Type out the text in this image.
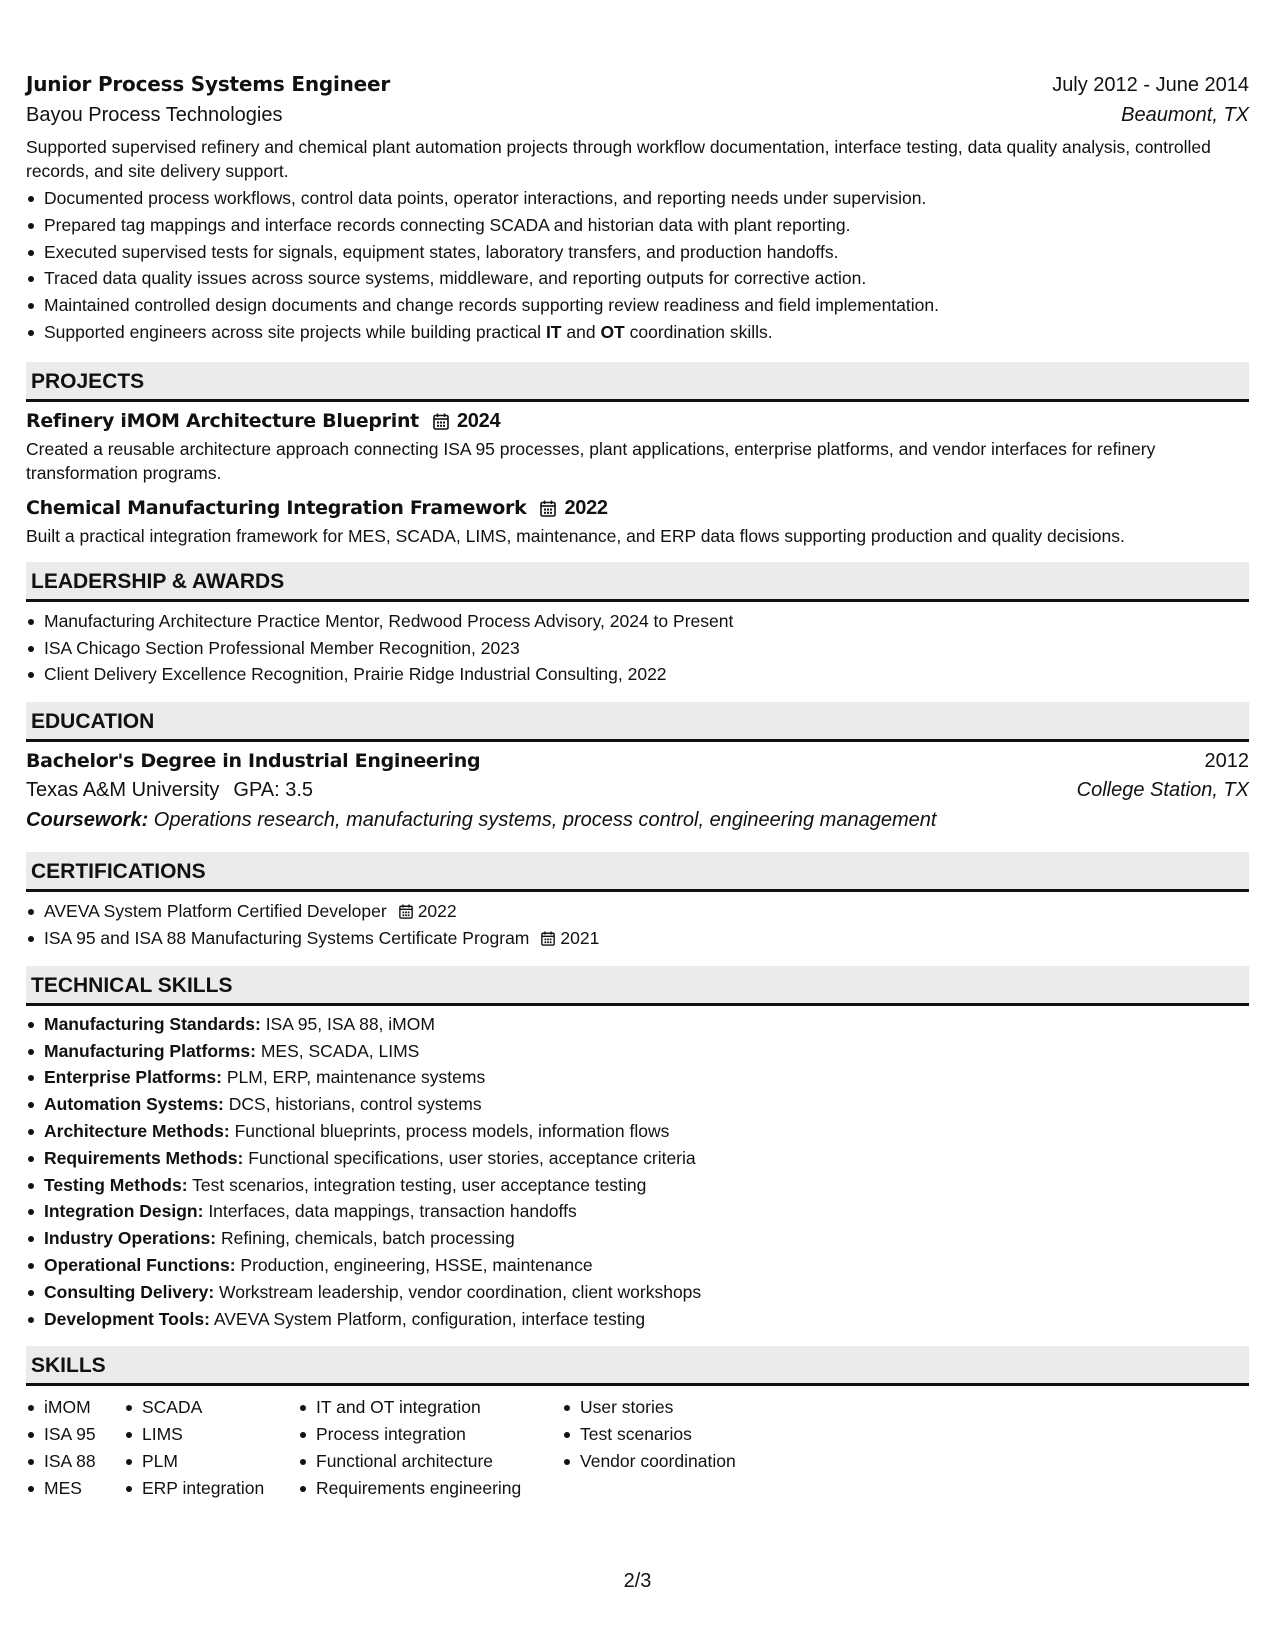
Junior Process Systems Engineer	July 2012 - June 2014
Bayou Process Technologies	Beaumont, TX

Supported supervised refinery and chemical plant automation projects through workflow documentation, interface testing, data quality analysis, controlled records, and site delivery support.

Documented process workflows, control data points, operator interactions, and reporting needs under supervision.
Prepared tag mappings and interface records connecting SCADA and historian data with plant reporting.
Executed supervised tests for signals, equipment states, laboratory transfers, and production handoffs.
Traced data quality issues across source systems, middleware, and reporting outputs for corrective action.
Maintained controlled design documents and change records supporting review readiness and field implementation.
Supported engineers across site projects while building practical IT and OT coordination skills.
PROJECTS
Refinery iMOM Architecture Blueprint 2024

Created a reusable architecture approach connecting ISA 95 processes, plant applications, enterprise platforms, and vendor interfaces for refinery transformation programs.

Chemical Manufacturing Integration Framework 2022

Built a practical integration framework for MES, SCADA, LIMS, maintenance, and ERP data flows supporting production and quality decisions.

LEADERSHIP & AWARDS
Manufacturing Architecture Practice Mentor, Redwood Process Advisory, 2024 to Present
ISA Chicago Section Professional Member Recognition, 2023
Client Delivery Excellence Recognition, Prairie Ridge Industrial Consulting, 2022
EDUCATION
Bachelor's Degree in Industrial Engineering	2012
Texas A&M University GPA: 3.5	College Station, TX

Coursework: Operations research, manufacturing systems, process control, engineering management

CERTIFICATIONS
AVEVA System Platform Certified Developer 2022
ISA 95 and ISA 88 Manufacturing Systems Certificate Program 2021
TECHNICAL SKILLS
Manufacturing Standards: ISA 95, ISA 88, iMOM
Manufacturing Platforms: MES, SCADA, LIMS
Enterprise Platforms: PLM, ERP, maintenance systems
Automation Systems: DCS, historians, control systems
Architecture Methods: Functional blueprints, process models, information flows
Requirements Methods: Functional specifications, user stories, acceptance criteria
Testing Methods: Test scenarios, integration testing, user acceptance testing
Integration Design: Interfaces, data mappings, transaction handoffs
Industry Operations: Refining, chemicals, batch processing
Operational Functions: Production, engineering, HSSE, maintenance
Consulting Delivery: Workstream leadership, vendor coordination, client workshops
Development Tools: AVEVA System Platform, configuration, interface testing
SKILLS
iMOM
ISA 95
ISA 88
MES
SCADA
LIMS
PLM
ERP integration
IT and OT integration
Process integration
Functional architecture
Requirements engineering
User stories
Test scenarios
Vendor coordination
2/3
